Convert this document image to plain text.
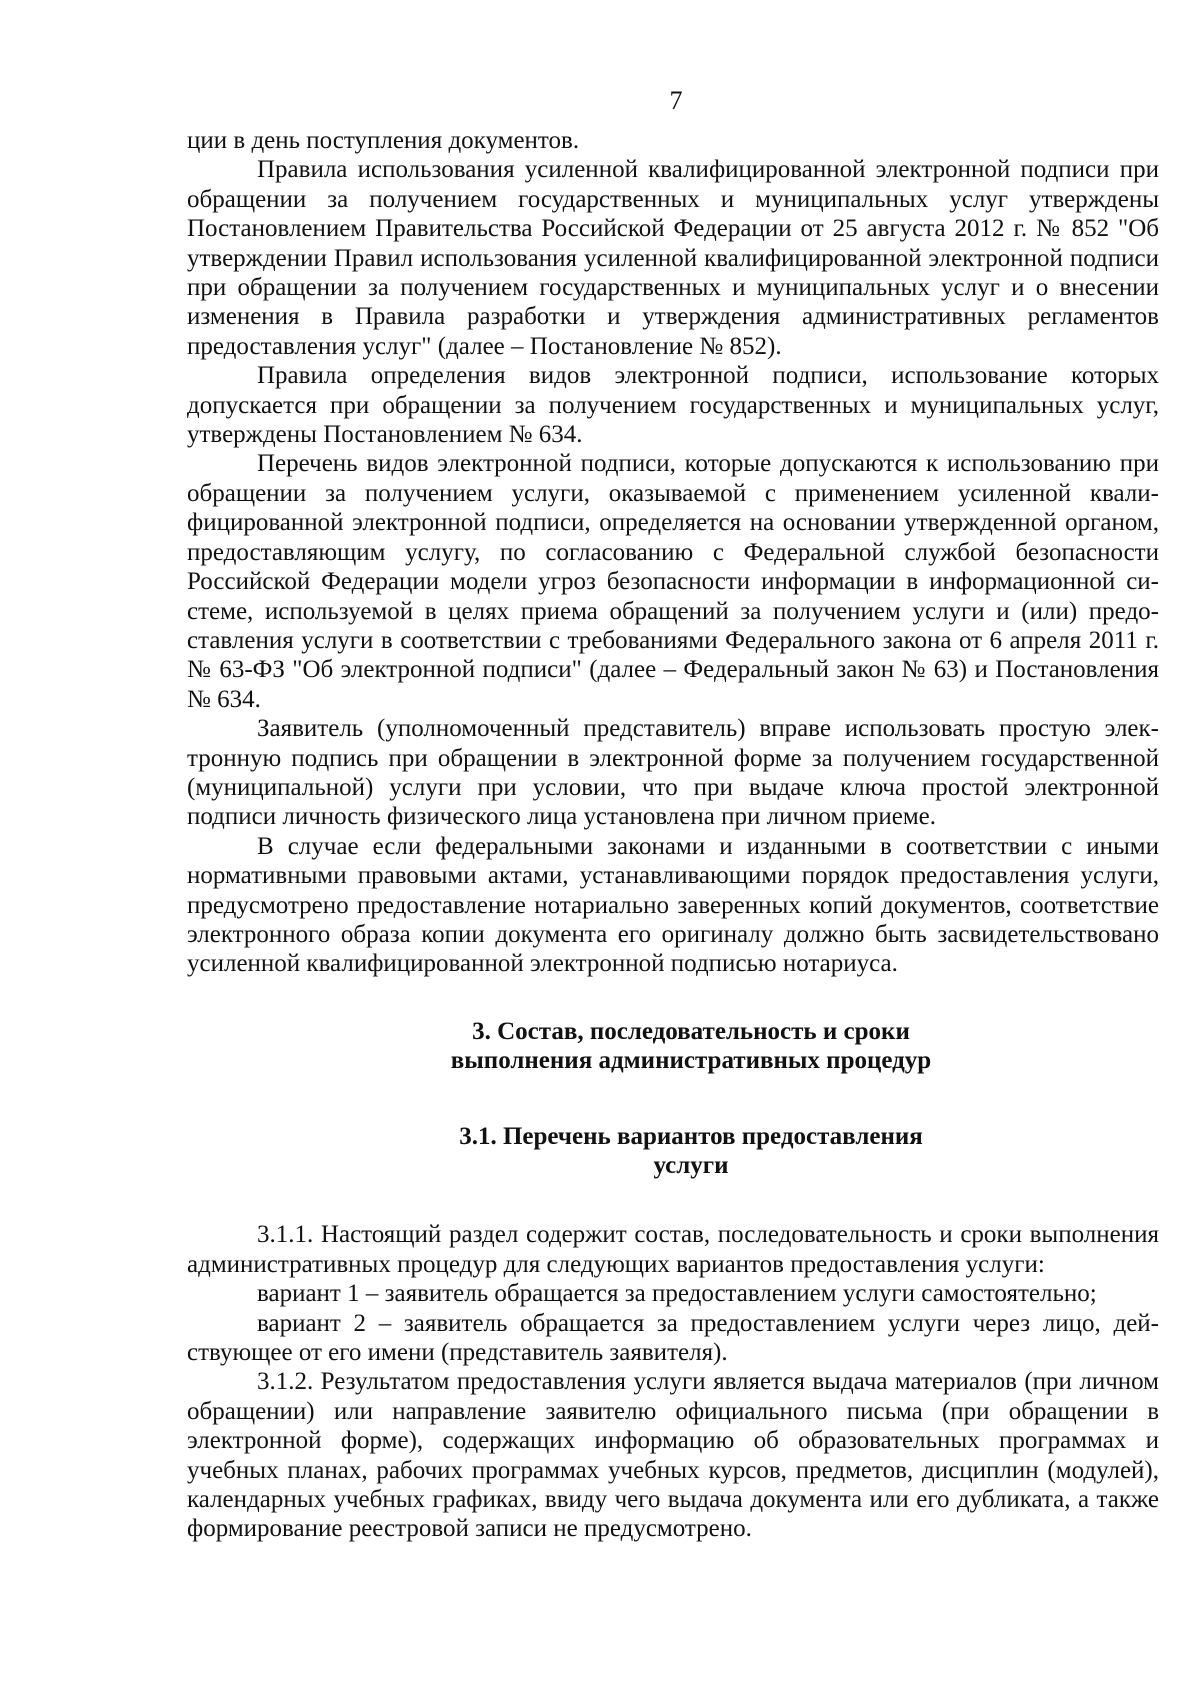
7

ции в день поступления документов.

Правила использования усиленной квалифицированной электронной подписи при обращении за получением государственных и муниципальных услуг утверждены Постановлением Правительства Российской Федерации от 25 августа 2012 г. № 852 "Об утверждении Правил использования усиленной квалифицированной электронной подписи при обращении за получением государственных и муниципальных услуг и о внесении изменения в Правила разработки и утверждения административных регламентов предоставления услуг" (далее – Постановление № 852).

Правила определения видов электронной подписи, использование которых допускается при обращении за получением государственных и муниципальных услуг, утверждены Постановлением № 634.

Перечень видов электронной подписи, которые допускаются к использованию при обращении за получением услуги, оказываемой с применением усиленной квалифицированной электронной подписи, определяется на основании утвержденной органом, предоставляющим услугу, по согласованию с Федеральной службой безопасности Российской Федерации модели угроз безопасности информации в информационной системе, используемой в целях приема обращений за получением услуги и (или) предоставления услуги в соответствии с требованиями Федерального закона от 6 апреля 2011 г. № 63-ФЗ "Об электронной подписи" (далее – Федеральный закон № 63) и Постановления № 634.

Заявитель (уполномоченный представитель) вправе использовать простую электронную подпись при обращении в электронной форме за получением государственной (муниципальной) услуги при условии, что при выдаче ключа простой электронной подписи личность физического лица установлена при личном приеме.

В случае если федеральными законами и изданными в соответствии с иными нормативными правовыми актами, устанавливающими порядок предоставления услуги, предусмотрено предоставление нотариально заверенных копий документов, соответствие электронного образа копии документа его оригиналу должно быть засвидетельствовано усиленной квалифицированной электронной подписью нотариуса.

3. Состав, последовательность и сроки
выполнения административных процедур
3.1. Перечень вариантов предоставления
услуги

3.1.1. Настоящий раздел содержит состав, последовательность и сроки выполнения административных процедур для следующих вариантов предоставления услуги:

вариант 1 – заявитель обращается за предоставлением услуги самостоятельно;

вариант 2 – заявитель обращается за предоставлением услуги через лицо, действующее от его имени (представитель заявителя).

3.1.2. Результатом предоставления услуги является выдача материалов (при личном обращении) или направление заявителю официального письма (при обращении в электронной форме), содержащих информацию об образовательных программах и учебных планах, рабочих программах учебных курсов, предметов, дисциплин (модулей), календарных учебных графиках, ввиду чего выдача документа или его дубликата, а также формирование реестровой записи не предусмотрено.
